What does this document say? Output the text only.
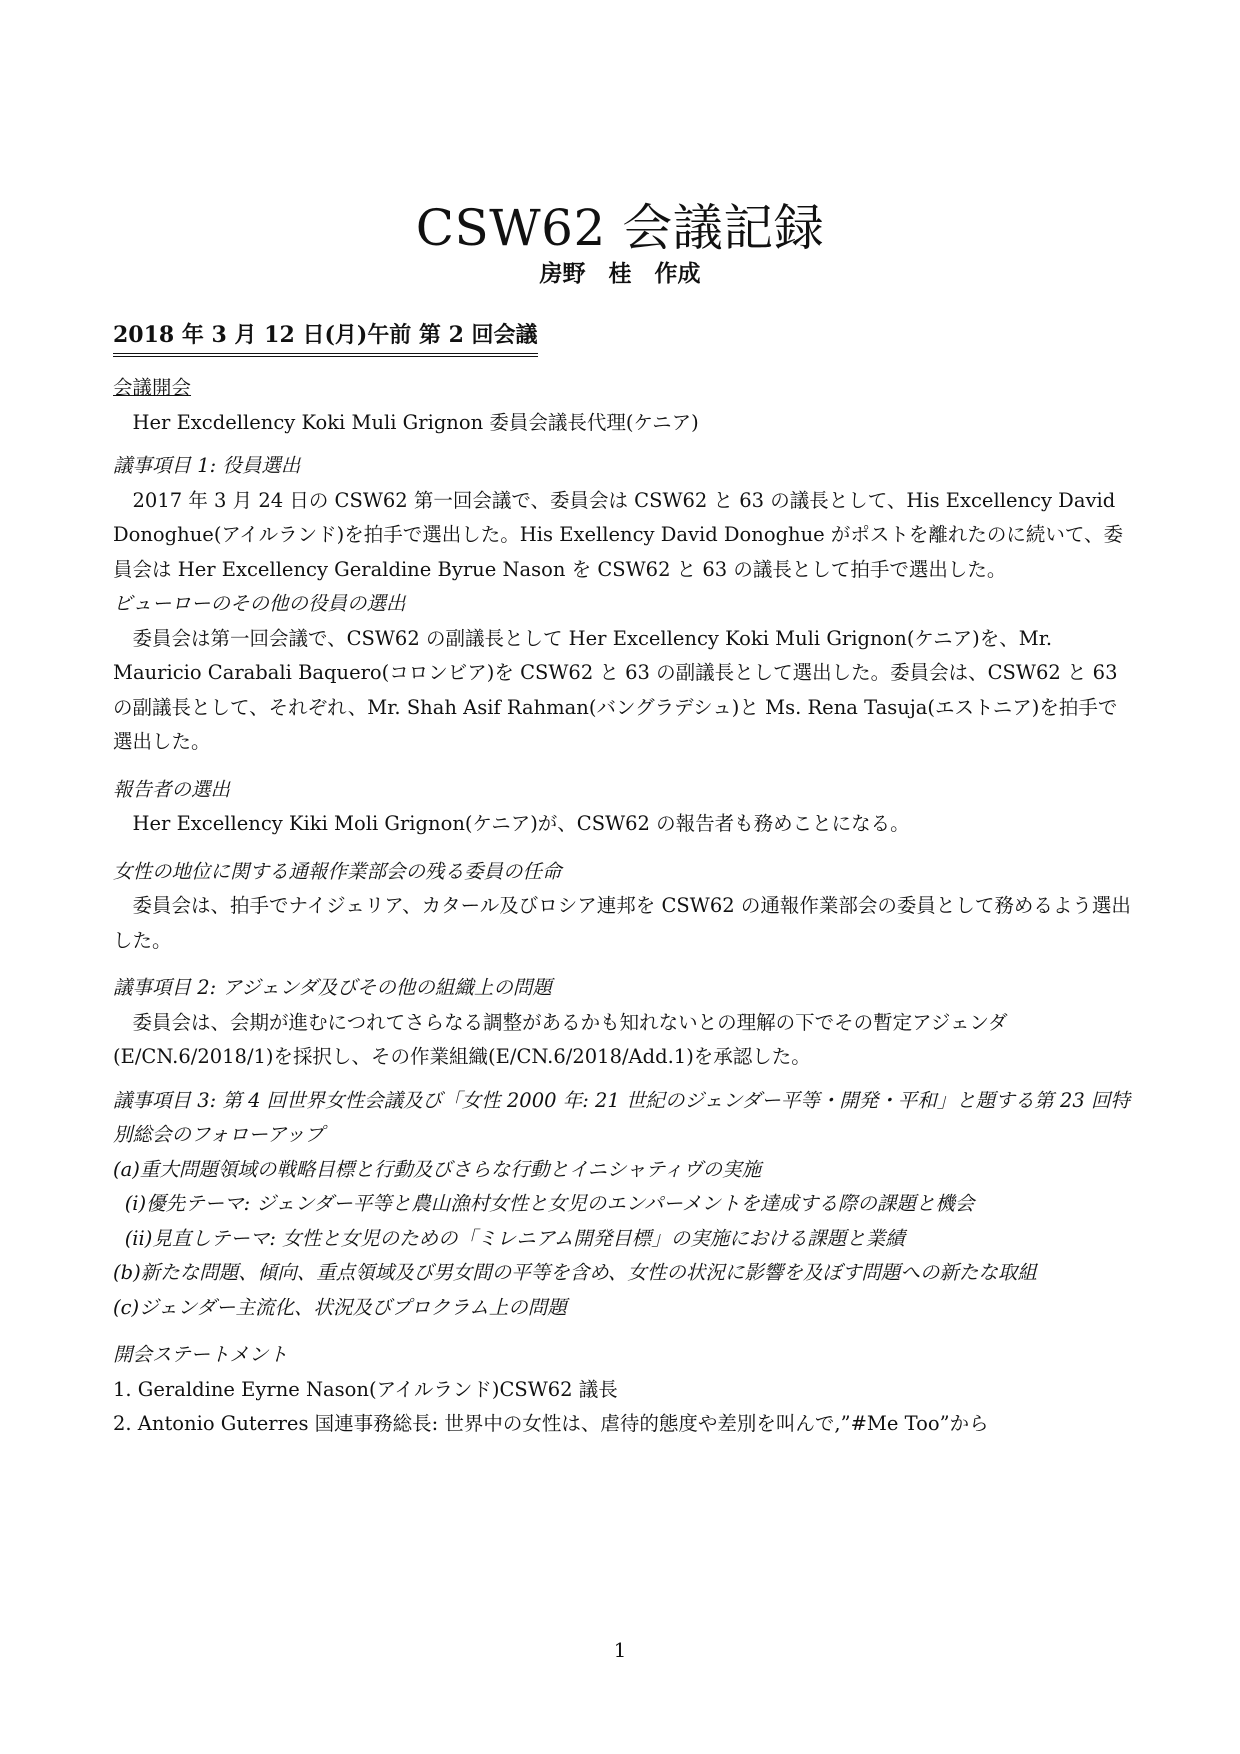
CSW62 会議記録
房野　桂　作成
2018 年 3 月 12 日(月)午前 第 2 回会議

会議開会

Her Excdellency Koki Muli Grignon 委員会議長代理(ケニア)

議事項目 1: 役員選出

2017 年 3 月 24 日の CSW62 第一回会議で、委員会は CSW62 と 63 の議長として、His Excellency David Donoghue(アイルランド)を拍手で選出した。His Exellency David Donoghue がポストを離れたのに続いて、委員会は Her Excellency Geraldine Byrue Nason を CSW62 と 63 の議長として拍手で選出した。

ビューローのその他の役員の選出

委員会は第一回会議で、CSW62 の副議長として Her Excellency Koki Muli Grignon(ケニア)を、Mr. Mauricio Carabali Baquero(コロンビア)を CSW62 と 63 の副議長として選出した。委員会は、CSW62 と 63 の副議長として、それぞれ、Mr. Shah Asif Rahman(バングラデシュ)と Ms. Rena Tasuja(エストニア)を拍手で選出した。

報告者の選出

Her Excellency Kiki Moli Grignon(ケニア)が、CSW62 の報告者も務めことになる。

女性の地位に関する通報作業部会の残る委員の任命

委員会は、拍手でナイジェリア、カタール及びロシア連邦を CSW62 の通報作業部会の委員として務めるよう選出した。

議事項目 2: アジェンダ及びその他の組織上の問題

委員会は、会期が進むにつれてさらなる調整があるかも知れないとの理解の下でその暫定アジェンダ(E/CN.6/2018/1)を採択し、その作業組織(E/CN.6/2018/Add.1)を承認した。

議事項目 3: 第 4 回世界女性会議及び「女性 2000 年: 21 世紀のジェンダー平等・開発・平和」と題する第 23 回特別総会のフォローアップ

(a)重大問題領域の戦略目標と行動及びさらな行動とイニシャティヴの実施

(i)優先テーマ: ジェンダー平等と農山漁村女性と女児のエンパーメントを達成する際の課題と機会

(ii)見直しテーマ: 女性と女児のための「ミレニアム開発目標」の実施における課題と業績

(b)新たな問題、傾向、重点領域及び男女間の平等を含め、女性の状況に影響を及ぼす問題への新たな取組

(c)ジェンダー主流化、状況及びプロクラム上の問題

開会ステートメント

1. Geraldine Eyrne Nason(アイルランド)CSW62 議長

2. Antonio Guterres 国連事務総長: 世界中の女性は、虐待的態度や差別を叫んで,”#Me Too”から

1
